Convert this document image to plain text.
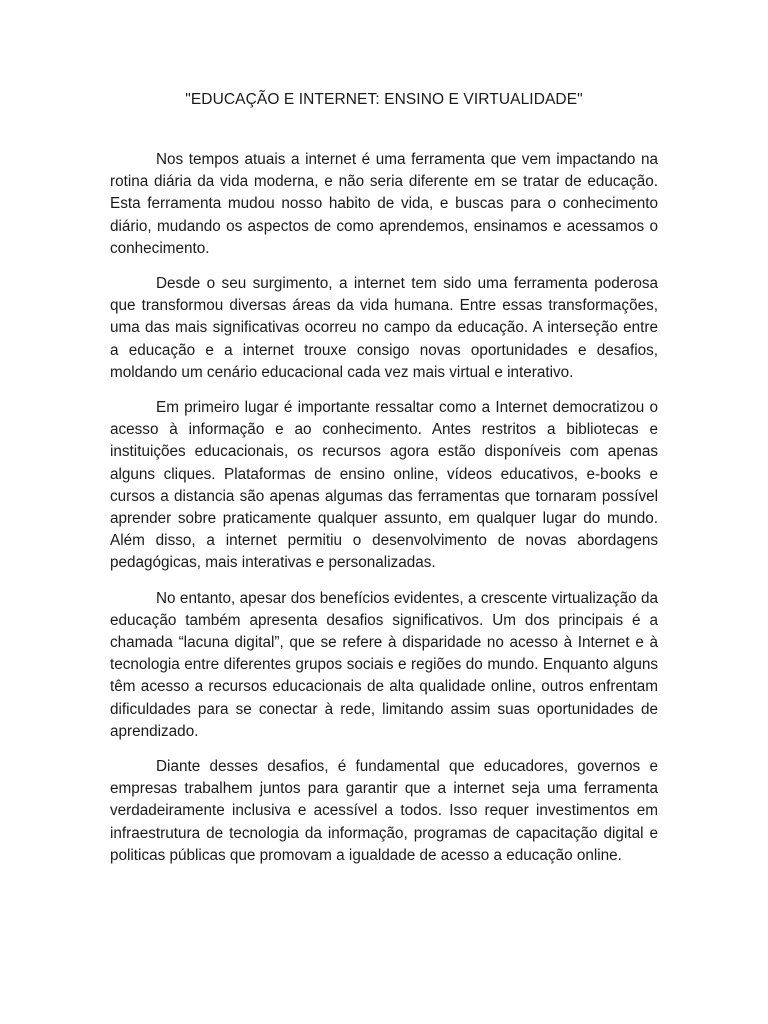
"EDUCAÇÃO E INTERNET: ENSINO E VIRTUALIDADE"

Nos tempos atuais a internet é uma ferramenta que vem impactando na rotina diária da vida moderna, e não seria diferente em se tratar de educação. Esta ferramenta mudou nosso habito de vida, e buscas para o conhecimento diário, mudando os aspectos de como aprendemos, ensinamos e acessamos o conhecimento.

Desde o seu surgimento, a internet tem sido uma ferramenta poderosa que transformou diversas áreas da vida humana. Entre essas transformações, uma das mais significativas ocorreu no campo da educação. A interseção entre a educação e a internet trouxe consigo novas oportunidades e desafios, moldando um cenário educacional cada vez mais virtual e interativo.

Em primeiro lugar é importante ressaltar como a Internet democratizou o acesso à informação e ao conhecimento. Antes restritos a bibliotecas e instituições educacionais, os recursos agora estão disponíveis com apenas alguns cliques. Plataformas de ensino online, vídeos educativos, e-books e cursos a distancia são apenas algumas das ferramentas que tornaram possível aprender sobre praticamente qualquer assunto, em qualquer lugar do mundo. Além disso, a internet permitiu o desenvolvimento de novas abordagens pedagógicas, mais interativas e personalizadas.

No entanto, apesar dos benefícios evidentes, a crescente virtualização da educação também apresenta desafios significativos. Um dos principais é a chamada “lacuna digital”, que se refere à disparidade no acesso à Internet e à tecnologia entre diferentes grupos sociais e regiões do mundo. Enquanto alguns têm acesso a recursos educacionais de alta qualidade online, outros enfrentam dificuldades para se conectar à rede, limitando assim suas oportunidades de aprendizado.

Diante desses desafios, é fundamental que educadores, governos e empresas trabalhem juntos para garantir que a internet seja uma ferramenta verdadeiramente inclusiva e acessível a todos. Isso requer investimentos em infraestrutura de tecnologia da informação, programas de capacitação digital e politicas públicas que promovam a igualdade de acesso a educação online.
